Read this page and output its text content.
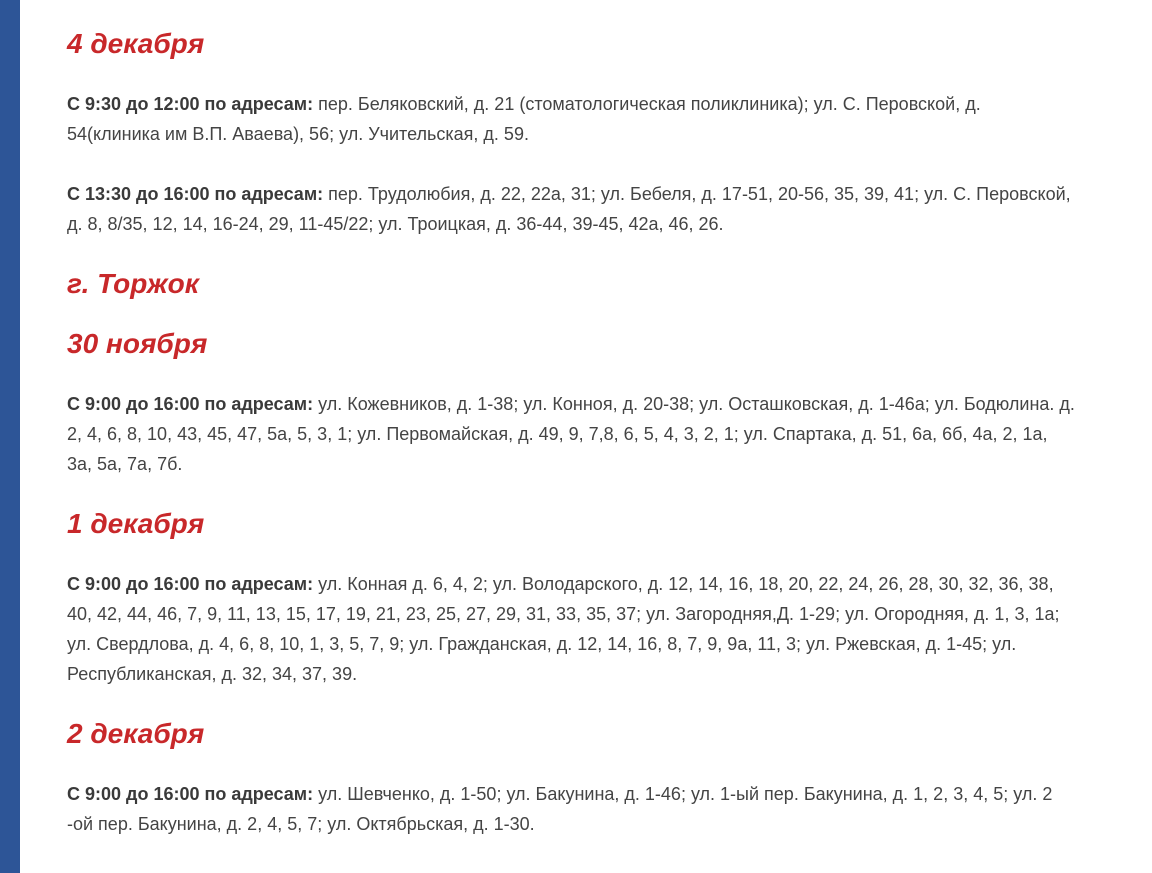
4 декабря

С 9:30 до 12:00 по адресам: пер. Беляковский, д. 21 (стоматологическая поликлиника); ул. С. Перовской, д. 54(клиника им В.П. Аваева), 56; ул. Учительская, д. 59.

С 13:30 до 16:00 по адресам: пер. Трудолюбия, д. 22, 22а, 31; ул. Бебеля, д. 17-51, 20-56, 35, 39, 41; ул. С. Перовской, д. 8, 8/35, 12, 14, 16-24, 29, 11-45/22; ул. Троицкая, д. 36-44, 39-45, 42а, 46, 26.

г. Торжок
30 ноября

С 9:00 до 16:00 по адресам: ул. Кожевников, д. 1-38; ул. Конноя, д. 20-38; ул. Осташковская, д. 1-46а; ул. Бодюлина. д. 2, 4, 6, 8, 10, 43, 45, 47, 5а, 5, 3, 1; ул. Первомайская, д. 49, 9, 7,8, 6, 5, 4, 3, 2, 1; ул. Спартака, д. 51, 6а, 6б, 4а, 2, 1а, 3а, 5а, 7а, 7б.

1 декабря

С 9:00 до 16:00 по адресам: ул. Конная д. 6, 4, 2; ул. Володарского, д. 12, 14, 16, 18, 20, 22, 24, 26, 28, 30, 32, 36, 38, 40, 42, 44, 46, 7, 9, 11, 13, 15, 17, 19, 21, 23, 25, 27, 29, 31, 33, 35, 37; ул. Загородняя,Д. 1-29; ул. Огородняя, д. 1, 3, 1а; ул. Свердлова, д. 4, 6, 8, 10, 1, 3, 5, 7, 9; ул. Гражданская, д. 12, 14, 16, 8, 7, 9, 9а, 11, 3; ул. Ржевская, д. 1-45; ул. Республиканская, д. 32, 34, 37, 39.

2 декабря

С 9:00 до 16:00 по адресам: ул. Шевченко, д. 1-50; ул. Бакунина, д. 1-46; ул. 1-ый пер. Бакунина, д. 1, 2, 3, 4, 5; ул. 2 -ой пер. Бакунина, д. 2, 4, 5, 7; ул. Октябрьская, д. 1-30.
